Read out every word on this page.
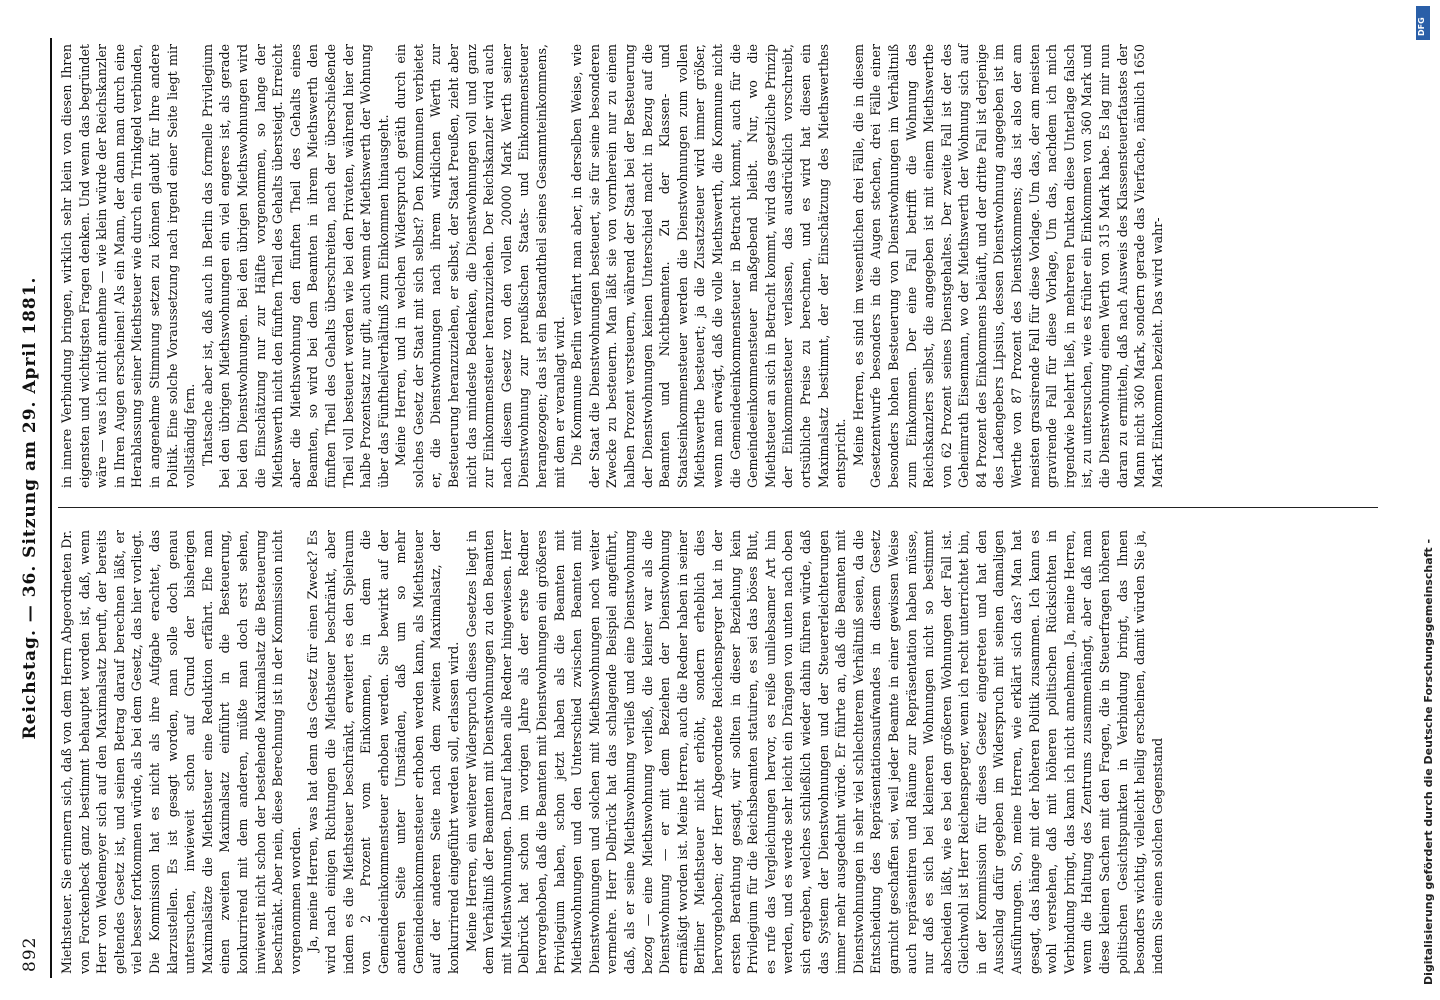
892
Reichstag. — 36. Sitzung am 29. April 1881.

Miethsteuer. Sie erinnern sich, daß von dem Herrn Abgeordneten Dr. von Forckenbeck ganz bestimmt behauptet worden ist, daß, wenn Herr von Wedemeyer sich auf den Maximalsatz beruft, der bereits geltendes Gesetz ist, und seinen Betrag darauf berechnen läßt, er viel besser fortkommen würde, als bei dem Gesetz, das hier vorliegt. Die Kommission hat es nicht als ihre Aufgabe erachtet, das klarzustellen. Es ist gesagt worden, man solle doch genau untersuchen, inwieweit schon auf Grund der bisherigen Maximalsätze die Miethsteuer eine Reduktion erfährt. Ehe man einen zweiten Maximalsatz einführt in die Besteuerung, konkurrirend mit dem anderen, müßte man doch erst sehen, inwieweit nicht schon der bestehende Maximalsatz die Besteuerung beschränkt. Aber nein, diese Berechnung ist in der Kommission nicht vorgenommen worden. Ja, meine Herren, was hat denn das Gesetz für einen Zweck? Es wird nach einigen Richtungen die Miethsteuer beschränkt, aber indem es die Miethsteuer beschränkt, erweitert es den Spielraum von 2 Prozent vom Einkommen, in dem die Gemeindeeinkommensteuer erhoben werden. Sie bewirkt auf der anderen Seite unter Umständen, daß um so mehr Gemeindeeinkommensteuer erhoben werden kann, als Miethsteuer auf der anderen Seite nach dem zweiten Maximalsatz, der konkurrirend eingeführt werden soll, erlassen wird. Meine Herren, ein weiterer Widerspruch dieses Gesetzes liegt in dem Verhältniß der Beamten mit Dienstwohnungen zu den Beamten mit Miethswohnungen. Darauf haben alle Redner hingewiesen. Herr Delbrück hat schon im vorigen Jahre als der erste Redner hervorgehoben, daß die Beamten mit Dienstwohnungen ein größeres Privilegium haben, schon jetzt haben als die Beamten mit Miethswohnungen und den Unterschied zwischen Beamten mit Dienstwohnungen und solchen mit Miethswohnungen noch weiter vermehre. Herr Delbrück hat das schlagende Beispiel angeführt, daß, als er seine Miethswohnung verließ und eine Dienstwohnung bezog — eine Miethswohnung verließ, die kleiner war als die Dienstwohnung — er mit dem Beziehen der Dienstwohnung ermäßigt worden ist. Meine Herren, auch die Redner haben in seiner Berliner Miethsteuer nicht erhöht, sondern erheblich dies hervorgehoben; der Herr Abgeordnete Reichensperger hat in der ersten Berathung gesagt, wir sollten in dieser Beziehung kein Privilegium für die Reichsbeamten statuiren, es sei das böses Blut, es rufe das Vergleichungen hervor, es reiße unliebsamer Art hin werden, und es werde sehr leicht ein Drängen von unten nach oben sich ergeben, welches schließlich wieder dahin führen würde, daß das System der Dienstwohnungen und der Steuererleichterungen immer mehr ausgedehnt würde. Er führte an, daß die Beamten mit Dienstwohnungen in sehr viel schlechterem Verhältniß seien, da die Entscheidung des Repräsentationsaufwandes in diesem Gesetz garnicht geschaffen sei, weil jeder Beamte in einer gewissen Weise auch repräsentiren und Räume zur Repräsentation haben müsse, nur daß es sich bei kleineren Wohnungen nicht so bestimmt abscheiden läßt, wie es bei den größeren Wohnungen der Fall ist. Gleichwohl ist Herr Reichensperger, wenn ich recht unterrichtet bin, in der Kommission für dieses Gesetz eingetreten und hat den Ausschlag dafür gegeben im Widerspruch mit seinen damaligen Ausführungen. So, meine Herren, wie erklärt sich das? Man hat gesagt, das hänge mit der höheren Politik zusammen. Ich kann es wohl verstehen, daß mit höheren politischen Rücksichten in Verbindung bringt, das kann ich nicht annehmen. Ja, meine Herren, wenn die Haltung des Zentrums zusammenhängt, aber daß man diese kleinen Sachen mit den Fragen, die in Steuerfragen höheren politischen Gesichtspunkten in Verbindung bringt, das Ihnen besonders wichtig, vielleicht heilig erscheinen, damit würden Sie ja, indem Sie einen solchen Gegenstand

in innere Verbindung bringen, wirklich sehr klein von diesen Ihren eigensten und wichtigsten Fragen denken. Und wenn das begründet wäre — was ich nicht annehme — wie klein würde der Reichskanzler in Ihren Augen erscheinen! Als ein Mann, der dann man durch eine Herablassung seiner Miethsteuer wie durch ein Trinkgeld verbinden, in angenehme Stimmung setzen zu können glaubt für Ihre andere Politik. Eine solche Voraussetzung nach irgend einer Seite liegt mir vollständig fern. Thatsache aber ist, daß auch in Berlin das formelle Privilegium bei den übrigen Miethswohnungen ein viel engeres ist, als gerade bei den Dienstwohnungen. Bei den übrigen Miethswohnungen wird die Einschätzung nur zur Hälfte vorgenommen, so lange der Miethswerth nicht den fünften Theil des Gehalts übersteigt. Erreicht aber die Miethswohnung den fünften Theil des Gehalts eines Beamten, so wird bei dem Beamten in ihrem Miethswerth den fünften Theil des Gehalts überschreiten, nach der überschießende Theil voll besteuert werden wie bei den Privaten, während hier der halbe Prozentsatz nur gilt, auch wenn der Miethswerth der Wohnung über das Fünftheilverhältniß zum Einkommen hinausgeht. Meine Herren, und in welchen Widerspruch geräth durch ein solches Gesetz der Staat mit sich selbst? Den Kommunen verbietet er, die Dienstwohnungen nach ihrem wirklichen Werth zur Besteuerung heranzuziehen, er selbst, der Staat Preußen, zieht aber nicht das mindeste Bedenken, die Dienstwohnungen voll und ganz zur Einkommensteuer heranzuziehen. Der Reichskanzler wird auch nach diesem Gesetz von den vollen 20000 Mark Werth seiner Dienstwohnung zur preußischen Staats- und Einkommensteuer herangezogen; das ist ein Bestandtheil seines Gesammteinkommens, mit dem er veranlagt wird. Die Kommune Berlin verfährt man aber, in derselben Weise, wie der Staat die Dienstwohnungen besteuert, sie für seine besonderen Zwecke zu besteuern. Man läßt sie von vornherein nur zu einem halben Prozent versteuern, während der Staat bei der Besteuerung der Dienstwohnungen keinen Unterschied macht in Bezug auf die Beamten und Nichtbeamten. Zu der Klassen- und Staatseinkommensteuer werden die Dienstwohnungen zum vollen Miethswerthe besteuert; ja die Zusatzsteuer wird immer größer, wenn man erwägt, daß die volle Miethswerth, die Kommune nicht die Gemeindeeinkommensteuer in Betracht kommt, auch für die Gemeindeeinkommensteuer maßgebend bleibt. Nur, wo die Miethsteuer an sich in Betracht kommt, wird das gesetzliche Prinzip der Einkommensteuer verlassen, das ausdrücklich vorschreibt, ortsübliche Preise zu berechnen, und es wird hat diesen ein Maximalsatz bestimmt, der der Einschätzung des Miethswerthes entspricht. Meine Herren, es sind im wesentlichen drei Fälle, die in diesem Gesetzentwurfe besonders in die Augen stechen, drei Fälle einer besonders hohen Besteuerung von Dienstwohnungen im Verhältniß zum Einkommen. Der eine Fall betrifft die Wohnung des Reichskanzlers selbst, die angegeben ist mit einem Miethswerthe von 62 Prozent seines Dienstgehaltes. Der zweite Fall ist der des Geheimrath Eisenmann, wo der Miethswerth der Wohnung sich auf 84 Prozent des Einkommens beläuft, und der dritte Fall ist derjenige des Ladengebers Lipsius, dessen Dienstwohnung angegeben ist im Werthe von 87 Prozent des Dienstkommens; das ist also der am meisten grassirende Fall für diese Vorlage. Um das, der am meisten gravirende Fall für diese Vorlage, Um das, nachdem ich mich irgendwie belehrt ließ, in mehreren Punkten diese Unterlage falsch ist, zu untersuchen, wie es früher ein Einkommen von 360 Mark und die Dienstwohnung einen Werth von 315 Mark habe. Es lag mir nun daran zu ermitteln, daß nach Ausweis des Klassensteuerfatastes der Mann nicht 360 Mark, sondern gerade das Vierfache, nämlich 1650 Mark Einkommen bezieht. Das wird wahr-

Digitalisierung gefördert durch die Deutsche Forschungsgemeinschaft -
DFG
